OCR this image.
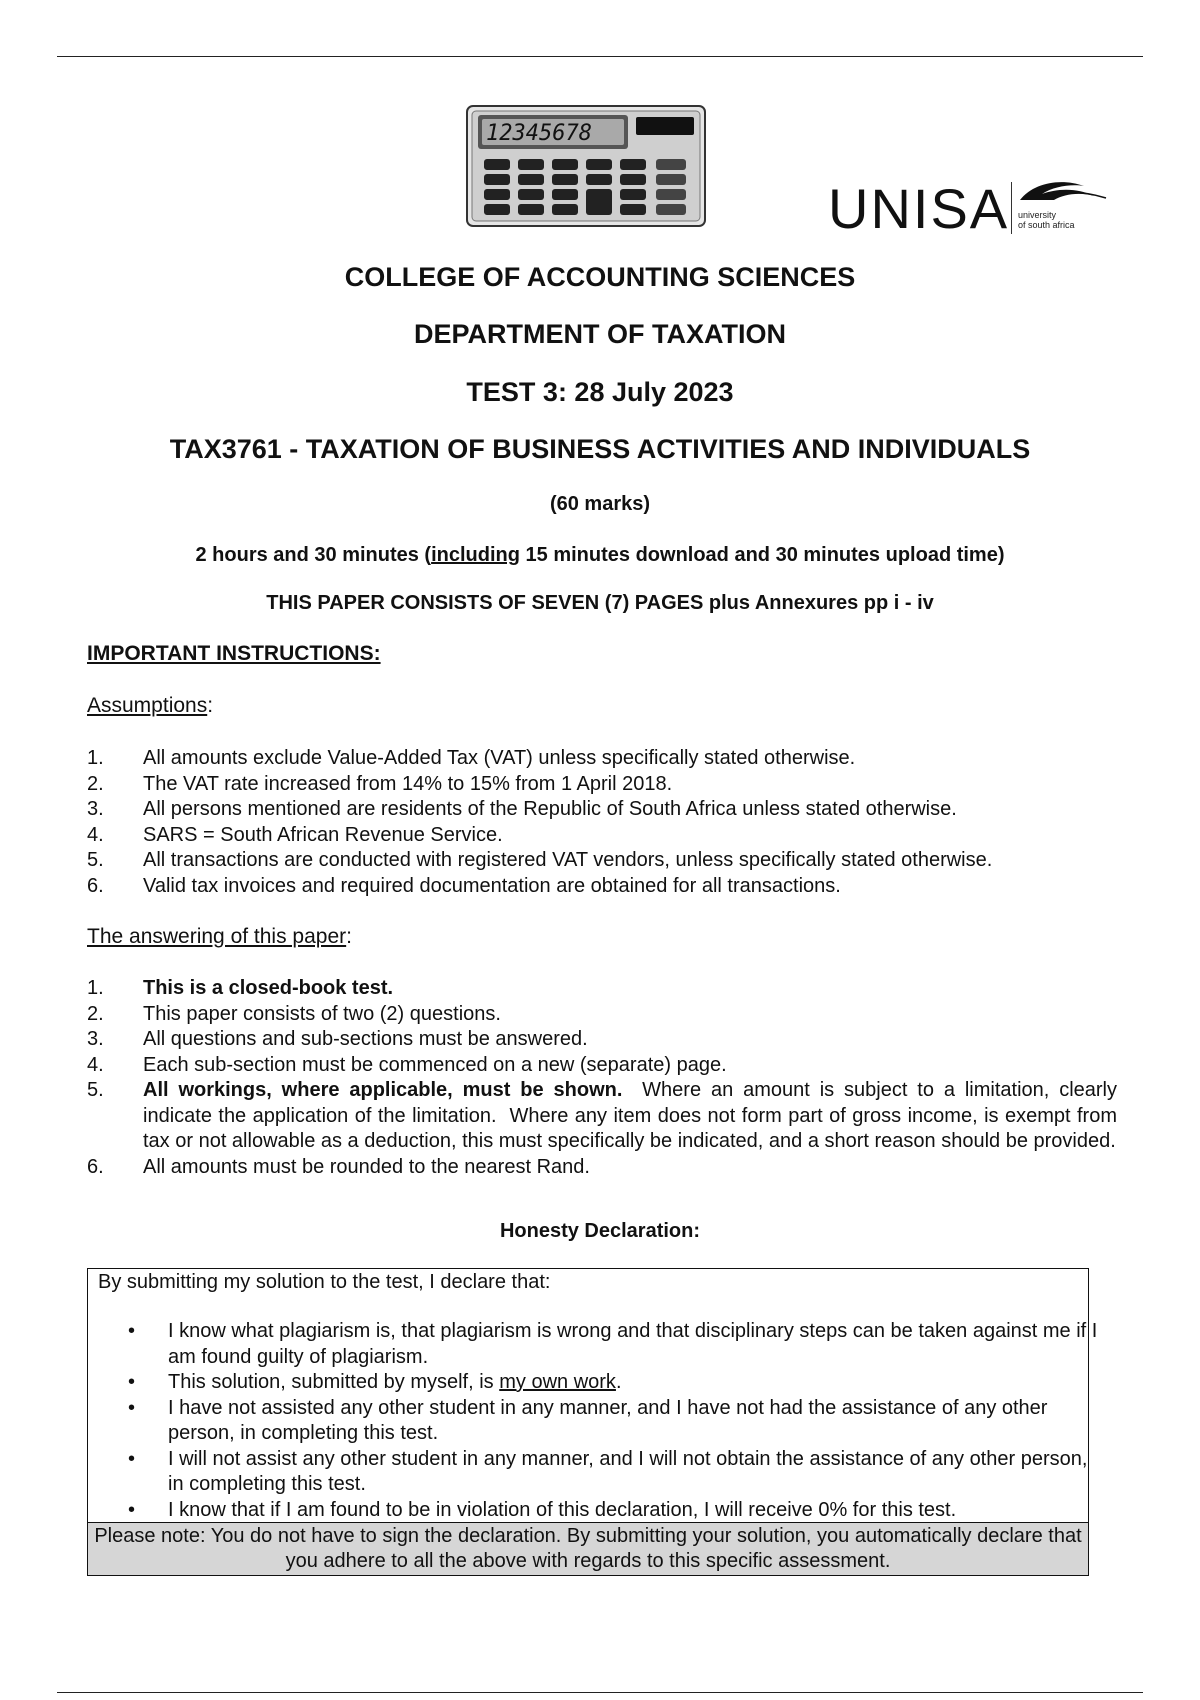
12345678
UNISA university
of south africa
COLLEGE OF ACCOUNTING SCIENCES
DEPARTMENT OF TAXATION
TEST 3: 28 July 2023
TAX3761 - TAXATION OF BUSINESS ACTIVITIES AND INDIVIDUALS
(60 marks)
2 hours and 30 minutes (including 15 minutes download and 30 minutes upload time)
THIS PAPER CONSISTS OF SEVEN (7) PAGES plus Annexures pp i - iv
IMPORTANT INSTRUCTIONS:
Assumptions:
1. All amounts exclude Value-Added Tax (VAT) unless specifically stated otherwise.
2. The VAT rate increased from 14% to 15% from 1 April 2018.
3. All persons mentioned are residents of the Republic of South Africa unless stated otherwise.
4. SARS = South African Revenue Service.
5. All transactions are conducted with registered VAT vendors, unless specifically stated otherwise.
6. Valid tax invoices and required documentation are obtained for all transactions.
The answering of this paper:
1. This is a closed-book test.
2. This paper consists of two (2) questions.
3. All questions and sub-sections must be answered.
4. Each sub-section must be commenced on a new (separate) page.
5. All workings, where applicable, must be shown.  Where an amount is subject to a limitation, clearly indicate the application of the limitation.  Where any item does not form part of gross income, is exempt from tax or not allowable as a deduction, this must specifically be indicated, and a short reason should be provided.
6. All amounts must be rounded to the nearest Rand.
Honesty Declaration:
By submitting my solution to the test, I declare that:
• I know what plagiarism is, that plagiarism is wrong and that disciplinary steps can be taken against me if I am found guilty of plagiarism.
• This solution, submitted by myself, is my own work.
• I have not assisted any other student in any manner, and I have not had the assistance of any other person, in completing this test.
• I will not assist any other student in any manner, and I will not obtain the assistance of any other person, in completing this test.
• I know that if I am found to be in violation of this declaration, I will receive 0% for this test.
Please note: You do not have to sign the declaration. By submitting your solution, you automatically declare that you adhere to all the above with regards to this specific assessment.
